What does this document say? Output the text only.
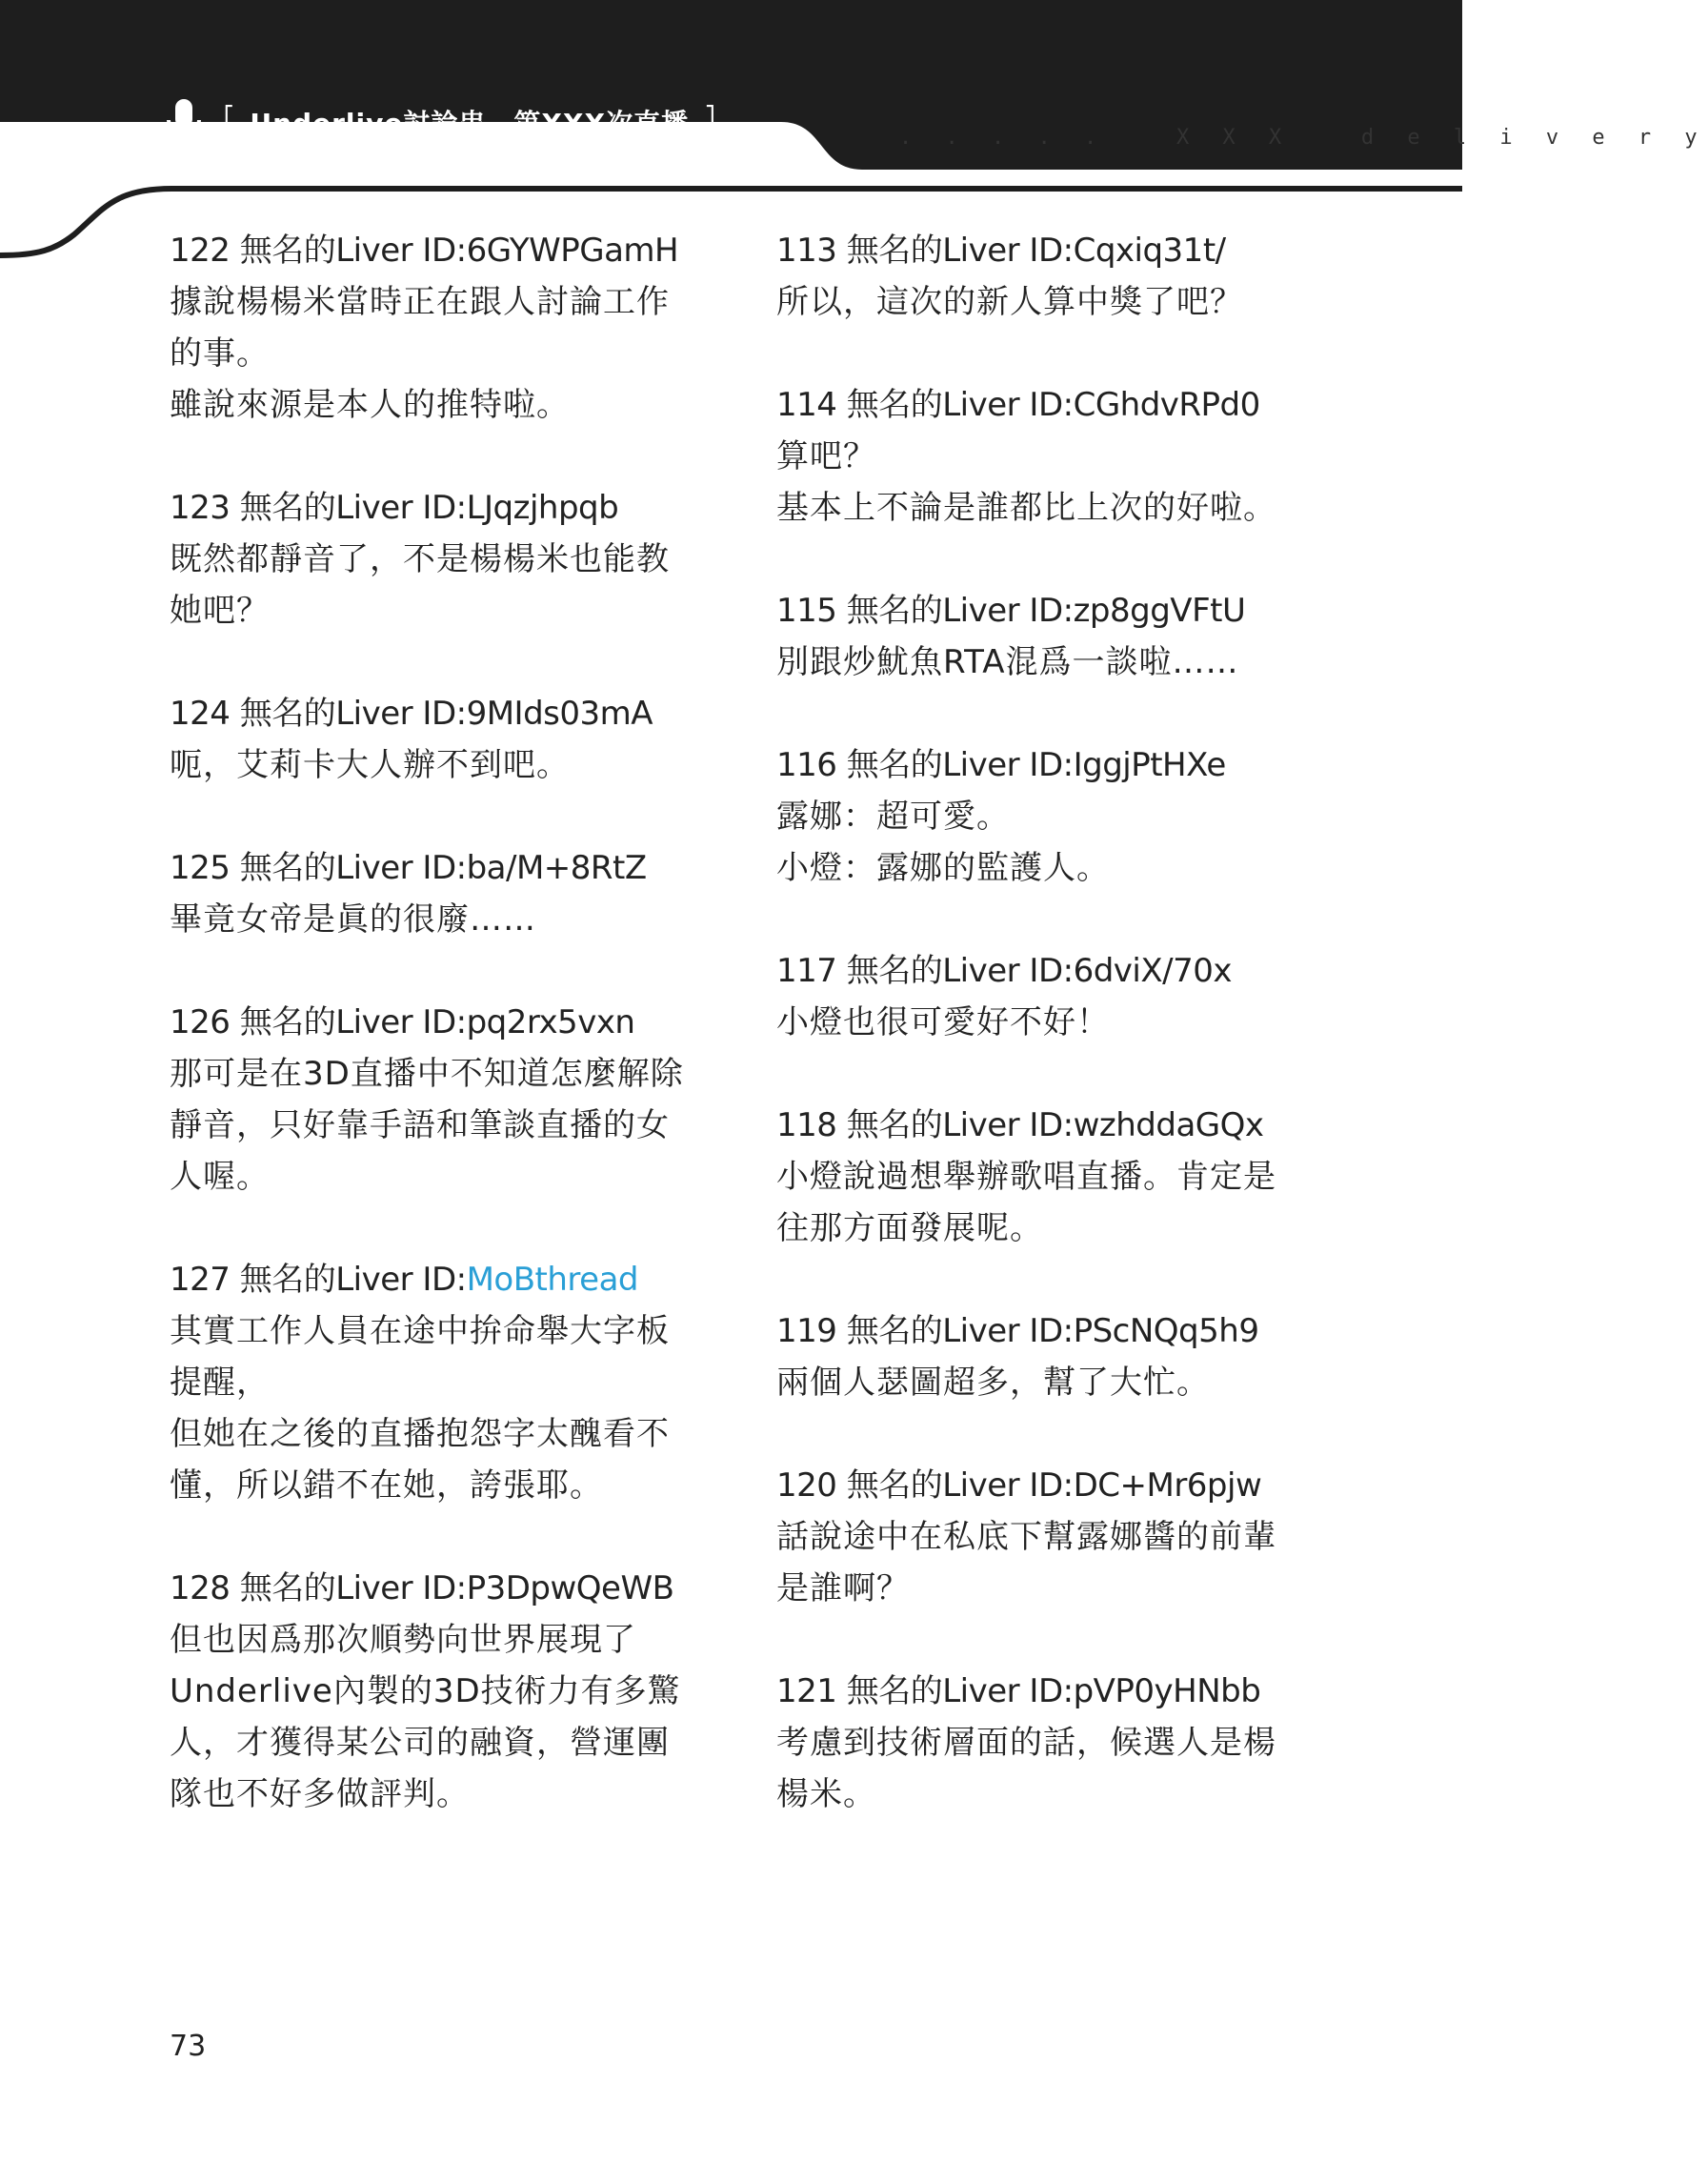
[ Underlive討論串　第XXX次直播 ]	. . . . .   X X X   d e l i v e r y

122 無名的Liver ID:6GYWPGamH

據說楊楊米當時正在跟人討論工作

的事。

雖說來源是本人的推特啦。

123 無名的Liver ID:LJqzjhpqb

既然都靜音了，不是楊楊米也能教

她吧？

124 無名的Liver ID:9MIds03mA

呃，艾莉卡大人辦不到吧。

125 無名的Liver ID:ba/M+8RtZ

畢竟女帝是眞的很廢……

126 無名的Liver ID:pq2rx5vxn

那可是在3D直播中不知道怎麼解除

靜音，只好靠手語和筆談直播的女

人喔。

127 無名的Liver ID:MoBthread

其實工作人員在途中拚命舉大字板

提醒，

但她在之後的直播抱怨字太醜看不

懂，所以錯不在她，誇張耶。

128 無名的Liver ID:P3DpwQeWB

但也因爲那次順勢向世界展現了

Underlive內製的3D技術力有多驚

人，才獲得某公司的融資，營運團

隊也不好多做評判。

113 無名的Liver ID:Cqxiq31t/

所以，這次的新人算中獎了吧？

114 無名的Liver ID:CGhdvRPd0

算吧？

基本上不論是誰都比上次的好啦。

115 無名的Liver ID:zp8ggVFtU

別跟炒魷魚RTA混爲一談啦……

116 無名的Liver ID:IggjPtHXe

露娜：超可愛。

小燈：露娜的監護人。

117 無名的Liver ID:6dviX/70x

小燈也很可愛好不好！

118 無名的Liver ID:wzhddaGQx

小燈說過想舉辦歌唱直播。肯定是

往那方面發展呢。

119 無名的Liver ID:PScNQq5h9

兩個人瑟圖超多，幫了大忙。

120 無名的Liver ID:DC+Mr6pjw

話說途中在私底下幫露娜醬的前輩

是誰啊？

121 無名的Liver ID:pVP0yHNbb

考慮到技術層面的話，候選人是楊

楊米。

73
